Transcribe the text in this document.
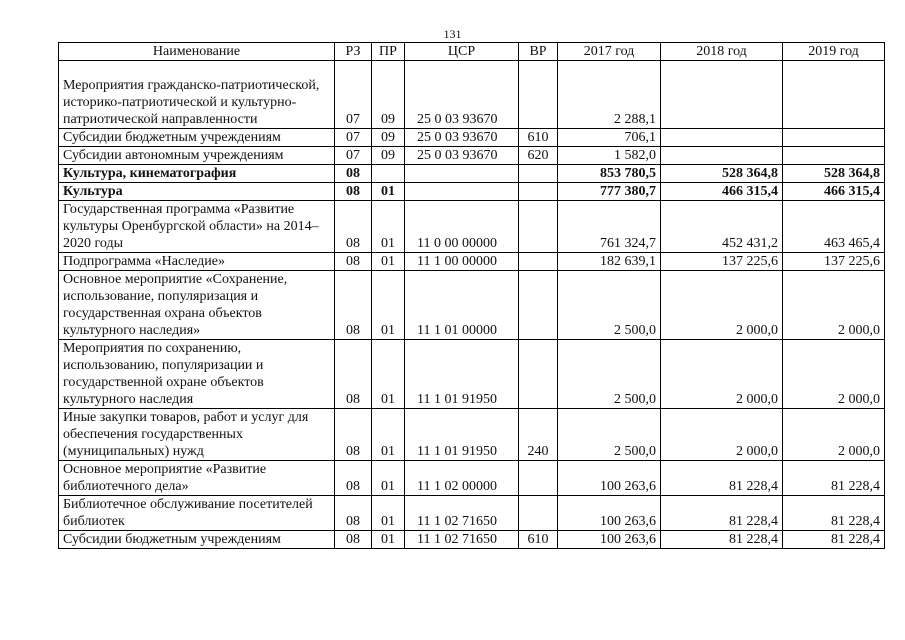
131
Наименование	РЗ	ПР	ЦСР	ВР	2017 год	2018 год	2019 год
Мероприятия гражданско-патриотической, историко-патриотической и культурно-патриотической направленности	07	09	25 0 03 93670		2 288,1		
Субсидии бюджетным учреждениям	07	09	25 0 03 93670	610	706,1		
Субсидии автономным учреждениям	07	09	25 0 03 93670	620	1 582,0		
Культура, кинематография	08				853 780,5	528 364,8	528 364,8
Культура	08	01			777 380,7	466 315,4	466 315,4
Государственная программа «Развитие культуры Оренбургской области» на 2014–2020 годы	08	01	11 0 00 00000		761 324,7	452 431,2	463 465,4
Подпрограмма «Наследие»	08	01	11 1 00 00000		182 639,1	137 225,6	137 225,6
Основное мероприятие «Сохранение, использование, популяризация и государственная охрана объектов культурного наследия»	08	01	11 1 01 00000		2 500,0	2 000,0	2 000,0
Мероприятия по сохранению, использованию, популяризации и государственной охране объектов культурного наследия	08	01	11 1 01 91950		2 500,0	2 000,0	2 000,0
Иные закупки товаров, работ и услуг для обеспечения государственных (муниципальных) нужд	08	01	11 1 01 91950	240	2 500,0	2 000,0	2 000,0
Основное мероприятие «Развитие библиотечного дела»	08	01	11 1 02 00000		100 263,6	81 228,4	81 228,4
Библиотечное обслуживание посетителей библиотек	08	01	11 1 02 71650		100 263,6	81 228,4	81 228,4
Субсидии бюджетным учреждениям	08	01	11 1 02 71650	610	100 263,6	81 228,4	81 228,4
